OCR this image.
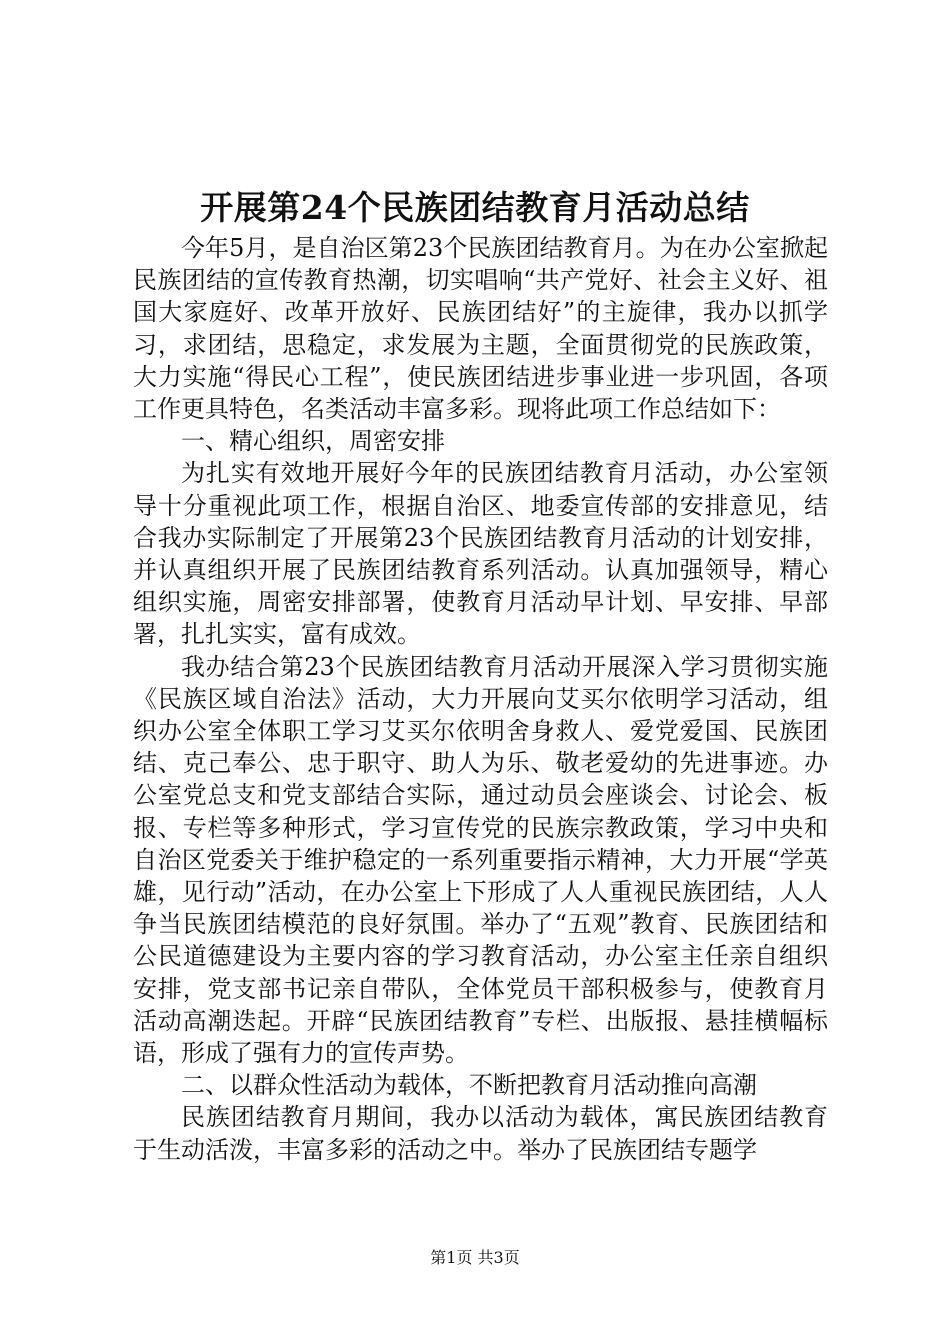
开展第24个民族团结教育月活动总结

今年5月，是自治区第23个民族团结教育月。为在办公室掀起民族团结的宣传教育热潮，切实唱响“共产党好、社会主义好、祖国大家庭好、改革开放好、民族团结好”的主旋律，我办以抓学习，求团结，思稳定，求发展为主题，全面贯彻党的民族政策，大力实施“得民心工程”，使民族团结进步事业进一步巩固，各项工作更具特色，名类活动丰富多彩。现将此项工作总结如下：

一、精心组织，周密安排

为扎实有效地开展好今年的民族团结教育月活动，办公室领导十分重视此项工作，根据自治区、地委宣传部的安排意见，结合我办实际制定了开展第23个民族团结教育月活动的计划安排，并认真组织开展了民族团结教育系列活动。认真加强领导，精心组织实施，周密安排部署，使教育月活动早计划、早安排、早部署，扎扎实实，富有成效。

我办结合第23个民族团结教育月活动开展深入学习贯彻实施《民族区域自治法》活动，大力开展向艾买尔依明学习活动，组织办公室全体职工学习艾买尔依明舍身救人、爱党爱国、民族团结、克己奉公、忠于职守、助人为乐、敬老爱幼的先进事迹。办公室党总支和党支部结合实际，通过动员会座谈会、讨论会、板报、专栏等多种形式，学习宣传党的民族宗教政策，学习中央和自治区党委关于维护稳定的一系列重要指示精神，大力开展“学英雄，见行动”活动，在办公室上下形成了人人重视民族团结，人人争当民族团结模范的良好氛围。举办了“五观”教育、民族团结和公民道德建设为主要内容的学习教育活动，办公室主任亲自组织安排，党支部书记亲自带队，全体党员干部积极参与，使教育月活动高潮迭起。开辟“民族团结教育”专栏、出版报、悬挂横幅标语，形成了强有力的宣传声势。

二、以群众性活动为载体，不断把教育月活动推向高潮

民族团结教育月期间，我办以活动为载体，寓民族团结教育于生动活泼，丰富多彩的活动之中。举办了民族团结专题学

第1页 共3页
